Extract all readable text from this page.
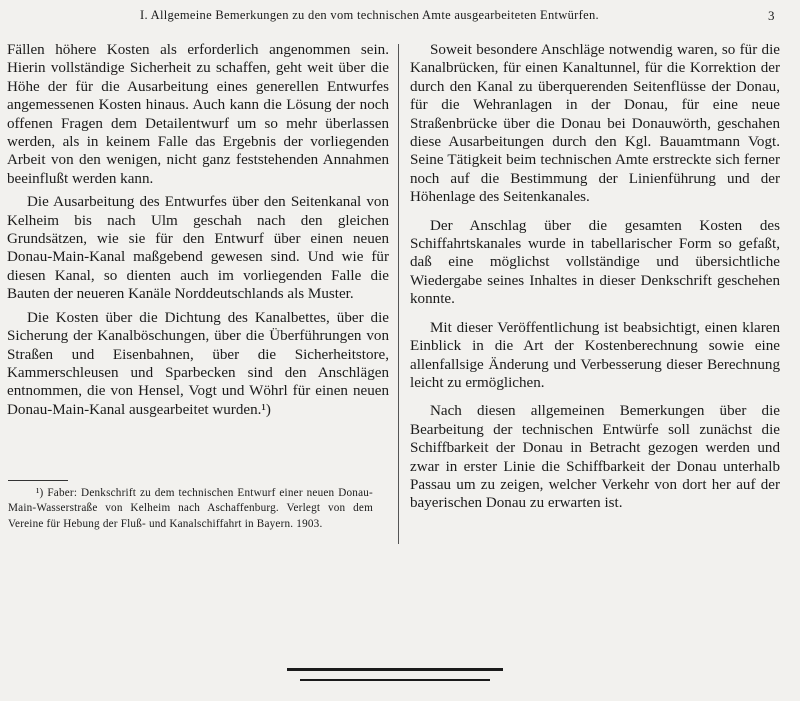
I. Allgemeine Bemerkungen zu den vom technischen Amte ausgearbeiteten Entwürfen.	3

Fällen höhere Kosten als erforderlich angenommen sein. Hierin vollständige Sicherheit zu schaffen, geht weit über die Höhe der für die Ausarbeitung eines generellen Entwurfes angemessenen Kosten hinaus. Auch kann die Lösung der noch offenen Fragen dem Detailentwurf um so mehr überlassen werden, als in keinem Falle das Ergebnis der vorliegenden Arbeit von den wenigen, nicht ganz feststehenden Annahmen beeinflußt werden kann.

Die Ausarbeitung des Entwurfes über den Seitenkanal von Kelheim bis nach Ulm geschah nach den gleichen Grundsätzen, wie sie für den Entwurf über einen neuen Donau-Main-Kanal maßgebend gewesen sind. Und wie für diesen Kanal, so dienten auch im vorliegenden Falle die Bauten der neueren Kanäle Norddeutschlands als Muster.

Die Kosten über die Dichtung des Kanalbettes, über die Sicherung der Kanalböschungen, über die Überführungen von Straßen und Eisenbahnen, über die Sicherheitstore, Kammerschleusen und Sparbecken sind den Anschlägen entnommen, die von Hensel, Vogt und Wöhrl für einen neuen Donau-Main-Kanal ausgearbeitet wurden.¹)

¹) Faber: Denkschrift zu dem technischen Entwurf einer neuen Donau-Main-Wasserstraße von Kelheim nach Aschaffenburg. Verlegt von dem Vereine für Hebung der Fluß- und Kanalschiffahrt in Bayern. 1903.

Soweit besondere Anschläge notwendig waren, so für die Kanalbrücken, für einen Kanaltunnel, für die Korrektion der durch den Kanal zu überquerenden Seitenflüsse der Donau, für die Wehranlagen in der Donau, für eine neue Straßenbrücke über die Donau bei Donauwörth, geschahen diese Ausarbeitungen durch den Kgl. Bauamtmann Vogt. Seine Tätigkeit beim technischen Amte erstreckte sich ferner noch auf die Bestimmung der Linienführung und der Höhenlage des Seitenkanales.

Der Anschlag über die gesamten Kosten des Schiffahrtskanales wurde in tabellarischer Form so gefaßt, daß eine möglichst vollständige und übersichtliche Wiedergabe seines Inhaltes in dieser Denkschrift geschehen konnte.

Mit dieser Veröffentlichung ist beabsichtigt, einen klaren Einblick in die Art der Kostenberechnung sowie eine allenfallsige Änderung und Verbesserung dieser Berechnung leicht zu ermöglichen.

Nach diesen allgemeinen Bemerkungen über die Bearbeitung der technischen Entwürfe soll zunächst die Schiffbarkeit der Donau in Betracht gezogen werden und zwar in erster Linie die Schiffbarkeit der Donau unterhalb Passau um zu zeigen, welcher Verkehr von dort her auf der bayerischen Donau zu erwarten ist.
